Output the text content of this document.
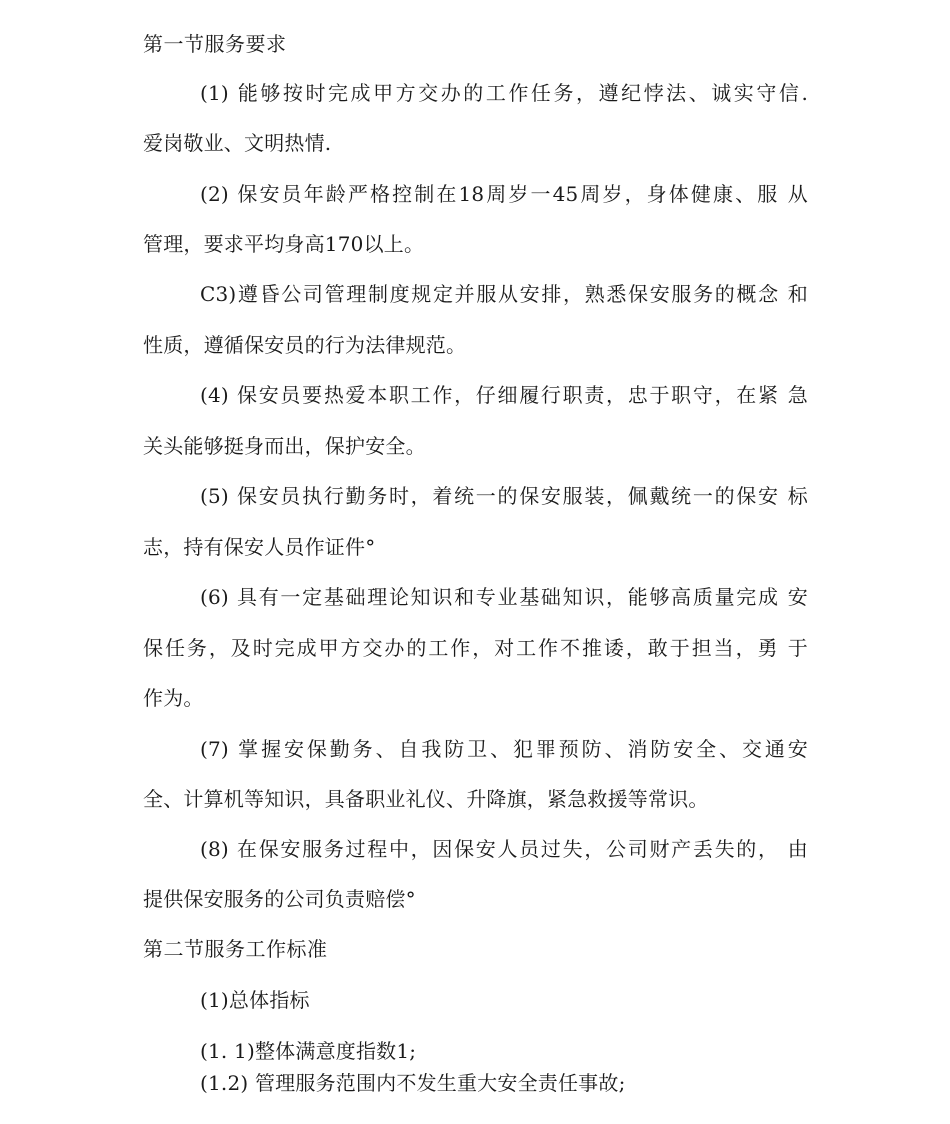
第一节服务要求
(1) 能够按时完成甲方交办的工作任务，遵纪悖法、诚实守信.
爱岗敬业、文明热情.
(2) 保安员年龄严格控制在18周岁一45周岁，身体健康、服 从
管理，要求平均身高170以上。
C3)遵昏公司管理制度规定并服从安排，熟悉保安服务的概念 和
性质，遵循保安员的行为法律规范。
(4) 保安员要热爱本职工作，仔细履行职责，忠于职守，在紧 急
关头能够挺身而出，保护安全。
(5) 保安员执行勤务时，着统一的保安服装，佩戴统一的保安 标
志，持有保安人员作证件°
(6) 具有一定基础理论知识和专业基础知识，能够高质量完成 安
保任务，及时完成甲方交办的工作，对工作不推诿，敢于担当，勇 于
作为。
(7) 掌握安保勤务、自我防卫、犯罪预防、消防安全、交通安
全、计算机等知识，具备职业礼仪、升降旗，紧急救援等常识。
(8) 在保安服务过程中，因保安人员过失，公司财产丢失的， 由
提供保安服务的公司负责赔偿°
第二节服务工作标准
(1)总体指标
(1. 1)整体满意度指数1;
(1.2) 管理服务范围内不发生重大安全责任事故;
